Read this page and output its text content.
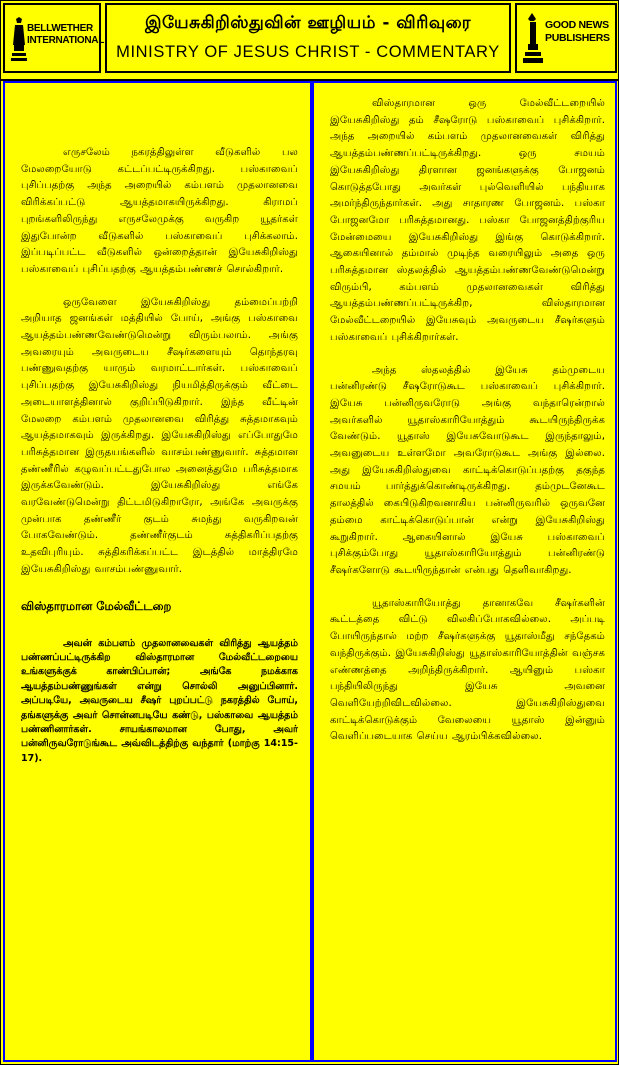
BELLWETHER INTERNATIONAL
இயேசுகிறிஸ்துவின் ஊழியம் - விரிவுரை
MINISTRY OF JESUS CHRIST - COMMENTARY
GOOD NEWS PUBLISHERS

எருசலேம் நகரத்திலுள்ள வீடுகளில் பல மேலறையோடு கட்டப்பட்டிருக்கிறது. பஸ்காவைப் புசிப்பதற்கு அந்த அறையில் கம்பளம் முதலானவை விரிக்கப்பட்டு ஆயத்தமாகயிருக்கிறது. கிராமப் புறங்களிலிருந்து எருசலேமுக்கு வருகிற யூதர்கள் இதுபோன்ற வீடுகளில் பஸ்காவைப் புசிக்கலாம். இப்படிப்பட்ட வீடுகளில் ஒன்றைத்தான் இயேசுகிறிஸ்து பஸ்காவைப் புசிப்பதற்கு ஆயத்தம்பண்ணச் சொல்கிறார்.

ஒருவேளை இயேசுகிறிஸ்து தம்மைப்பற்றி அறியாத ஜனங்கள் மத்தியில் போய், அங்கு பஸ்காவை ஆயத்தம்பண்ணவேண்டுமென்று விரும்பலாம். அங்கு அவரையும் அவருடைய சீஷர்களையும் தொந்தரவு பண்ணுவதற்கு யாரும் வரமாட்டார்கள். பஸ்காவைப் புசிப்பதற்கு இயேசுகிறிஸ்து நியமித்திருக்கும் வீட்டை அடையாளத்தினால் குறிப்பிடுகிறார். இந்த வீட்டின் மேலறை கம்பளம் முதலானவை விரித்து சுத்தமாகவும் ஆயத்தமாகவும் இருக்கிறது. இயேசுகிறிஸ்து எப்போதுமே பரிசுத்தமான இருதயங்களில் வாசம்பண்ணுவார். சுத்தமான தண்ணீரில் கழுவப்பட்டதுபோல அனைத்துமே பரிசுத்தமாக இருக்கவேண்டும். இயேசுகிறிஸ்து எங்கே வரவேண்டுமென்று திட்டமிடுகிறாரோ, அங்கே அவருக்கு முன்பாக தண்ணீர் குடம் சுமந்து வருகிறவன் போகவேண்டும். தண்ணீர்குடம் சுத்திகரிப்பதற்கு உதவிபுரியும். சுத்திகரிக்கப்பட்ட இடத்தில் மாத்திரமே இயேசுகிறிஸ்து வாசம்பண்ணுவார்.

விஸ்தாரமான மேல்வீட்டறை

அவன் கம்பளம் முதலானவைகள் விரித்து ஆயத்தம் பண்ணப்பட்டிருக்கிற விஸ்தாரமான மேல்வீட்டறையை உங்களுக்குக் காண்பிப்பான்; அங்கே நமக்காக ஆயத்தம்பண்ணுங்கள் என்று சொல்லி அனுப்பினார். அப்படியே, அவருடைய சீஷர் புறப்பட்டு நகரத்தில் போய், தங்களுக்கு அவர் சொன்னபடியே கண்டு, பஸ்காவை ஆயத்தம் பண்ணினார்கள். சாயங்காலமான போது, அவர் பன்னிருவரோடுங்கூட அவ்விடத்திற்கு வந்தார் (மாற்கு 14:15-17).

விஸ்தாரமான ஒரு மேல்வீட்டறையில் இயேசுகிறிஸ்து தம் சீஷரோடு பஸ்காவைப் புசிக்கிறார். அந்த அறையில் கம்பளம் முதலானவைகள் விரித்து ஆயத்தம்பண்ணப்பட்டிருக்கிறது. ஒரு சமயம் இயேசுகிறிஸ்து திரளான ஜனங்களுக்கு போஜனம் கொடுத்தபோது அவர்கள் புல்வெளியில் பந்தியாக அமர்ந்திருந்தார்கள். அது சாதாரண போஜனம். பஸ்கா போஜனமோ பரிசுத்தமானது. பஸ்கா போஜனத்திற்குரிய மேன்மையை இயேசுகிறிஸ்து இங்கு கொடுக்கிறார். ஆகையினால் தம்மால் முடிந்த வரையிலும் அதை ஒரு பரிசுத்தமான ஸ்தலத்தில் ஆயத்தம்பண்ணவேண்டுமென்று விரும்பி, கம்பளம் முதலானவைகள் விரித்து ஆயத்தம்பண்ணப்பட்டிருக்கிற, விஸ்தாரமான மேல்வீட்டறையில் இயேசுவும் அவருடைய சீஷர்களும் பஸ்காவைப் புசிக்கிறார்கள்.

அந்த ஸ்தலத்தில் இயேசு தம்முடைய பன்னிரண்டு சீஷரோடுகூட பஸ்காவைப் புசிக்கிறார். இயேசு பன்னிருவரோடு அங்கு வந்தாரென்றால் அவர்களில் யூதாஸ்காரியோத்தும் கூடயிருந்திருக்க வேண்டும். யூதாஸ் இயேசுவோடுகூட இருந்தாலும், அவனுடைய உள்ளமோ அவரோடுகூட அங்கு இல்லை. அது இயேசுகிறிஸ்துவை காட்டிக்கொடுப்பதற்கு தகுந்த சமயம் பார்த்துக்கொண்டிருக்கிறது. தம்முடனேகூட தாலத்தில் கைபிடுகிறவனாகிய பன்னிருவரில் ஒருவனே தம்மை காட்டிக்கொடுப்பான் என்று இயேசுகிறிஸ்து கூறுகிறார். ஆகையினால் இயேசு பஸ்காவைப் புசிக்கும்போது யூதாஸ்காரியோத்தும் பன்னிரண்டு சீஷர்களோடு கூடயிருந்தான் என்பது தெளிவாகிறது.

யூதாஸ்காரியோத்து தானாகவே சீஷர்களின் கூட்டத்தை விட்டு விலகிப்போகவில்லை. அப்படி போயிருந்தால் மற்ற சீஷர்களுக்கு யூதாஸ்மீது சந்தேகம் வந்திருக்கும். இயேசுகிறிஸ்து யூதாஸ்காரியோத்தின் வஞ்சக எண்ணத்தை அறிந்திருக்கிறார். ஆயினும் பஸ்கா பந்தியிலிருந்து இயேசு அவனை வெளியேற்றிவிடவில்லை. இயேசுகிறிஸ்துவை காட்டிக்கொடுக்கும் வேலையை யூதாஸ் இன்னும் வெளிப்படையாக செய்ய ஆரம்பிக்கவில்லை.
